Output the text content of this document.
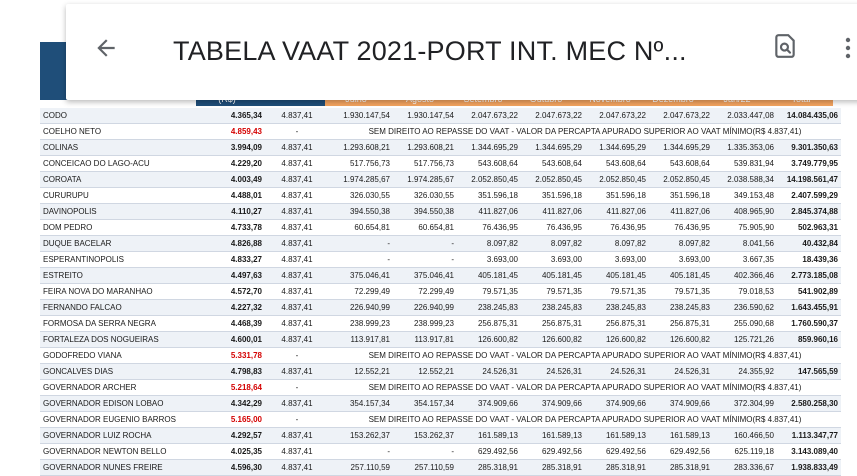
CODO	4.365,34	4.837,41	1.930.147,54	1.930.147,54	2.047.673,22	2.047.673,22	2.047.673,22	2.047.673,22	2.033.447,08	14.084.435,06
COELHO NETO	4.859,43	-	SEM DIREITO AO REPASSE DO VAAT - VALOR DA PERCAPTA APURADO SUPERIOR AO VAAT MÍNIMO(R$ 4.837,41)							
COLINAS	3.994,09	4.837,41	1.293.608,21	1.293.608,21	1.344.695,29	1.344.695,29	1.344.695,29	1.344.695,29	1.335.353,06	9.301.350,63
CONCEICAO DO LAGO-ACU	4.229,20	4.837,41	517.756,73	517.756,73	543.608,64	543.608,64	543.608,64	543.608,64	539.831,94	3.749.779,95
COROATA	4.003,49	4.837,41	1.974.285,67	1.974.285,67	2.052.850,45	2.052.850,45	2.052.850,45	2.052.850,45	2.038.588,34	14.198.561,47
CURURUPU	4.488,01	4.837,41	326.030,55	326.030,55	351.596,18	351.596,18	351.596,18	351.596,18	349.153,48	2.407.599,29
DAVINOPOLIS	4.110,27	4.837,41	394.550,38	394.550,38	411.827,06	411.827,06	411.827,06	411.827,06	408.965,90	2.845.374,88
DOM PEDRO	4.733,78	4.837,41	60.654,81	60.654,81	76.436,95	76.436,95	76.436,95	76.436,95	75.905,90	502.963,31
DUQUE BACELAR	4.826,88	4.837,41	-	-	8.097,82	8.097,82	8.097,82	8.097,82	8.041,56	40.432,84
ESPERANTINOPOLIS	4.833,27	4.837,41	-	-	3.693,00	3.693,00	3.693,00	3.693,00	3.667,35	18.439,36
ESTREITO	4.497,63	4.837,41	375.046,41	375.046,41	405.181,45	405.181,45	405.181,45	405.181,45	402.366,46	2.773.185,08
FEIRA NOVA DO MARANHAO	4.572,70	4.837,41	72.299,49	72.299,49	79.571,35	79.571,35	79.571,35	79.571,35	79.018,53	541.902,89
FERNANDO FALCAO	4.227,32	4.837,41	226.940,99	226.940,99	238.245,83	238.245,83	238.245,83	238.245,83	236.590,62	1.643.455,91
FORMOSA DA SERRA NEGRA	4.468,39	4.837,41	238.999,23	238.999,23	256.875,31	256.875,31	256.875,31	256.875,31	255.090,68	1.760.590,37
FORTALEZA DOS NOGUEIRAS	4.600,01	4.837,41	113.917,81	113.917,81	126.600,82	126.600,82	126.600,82	126.600,82	125.721,26	859.960,16
GODOFREDO VIANA	5.331,78	-	SEM DIREITO AO REPASSE DO VAAT - VALOR DA PERCAPTA APURADO SUPERIOR AO VAAT MÍNIMO(R$ 4.837,41)							
GONCALVES DIAS	4.798,83	4.837,41	12.552,21	12.552,21	24.526,31	24.526,31	24.526,31	24.526,31	24.355,92	147.565,59
GOVERNADOR ARCHER	5.218,64	-	SEM DIREITO AO REPASSE DO VAAT - VALOR DA PERCAPTA APURADO SUPERIOR AO VAAT MÍNIMO(R$ 4.837,41)							
GOVERNADOR EDISON LOBAO	4.342,29	4.837,41	354.157,34	354.157,34	374.909,66	374.909,66	374.909,66	374.909,66	372.304,99	2.580.258,30
GOVERNADOR EUGENIO BARROS	5.165,00	-	SEM DIREITO AO REPASSE DO VAAT - VALOR DA PERCAPTA APURADO SUPERIOR AO VAAT MÍNIMO(R$ 4.837,41)							
GOVERNADOR LUIZ ROCHA	4.292,57	4.837,41	153.262,37	153.262,37	161.589,13	161.589,13	161.589,13	161.589,13	160.466,50	1.113.347,77
GOVERNADOR NEWTON BELLO	4.025,35	4.837,41	-	-	629.492,56	629.492,56	629.492,56	629.492,56	625.119,18	3.143.089,40
GOVERNADOR NUNES FREIRE	4.596,30	4.837,41	257.110,59	257.110,59	285.318,91	285.318,91	285.318,91	285.318,91	283.336,67	1.938.833,49
TABELA VAAT 2021-PORT INT. MEC Nº...
